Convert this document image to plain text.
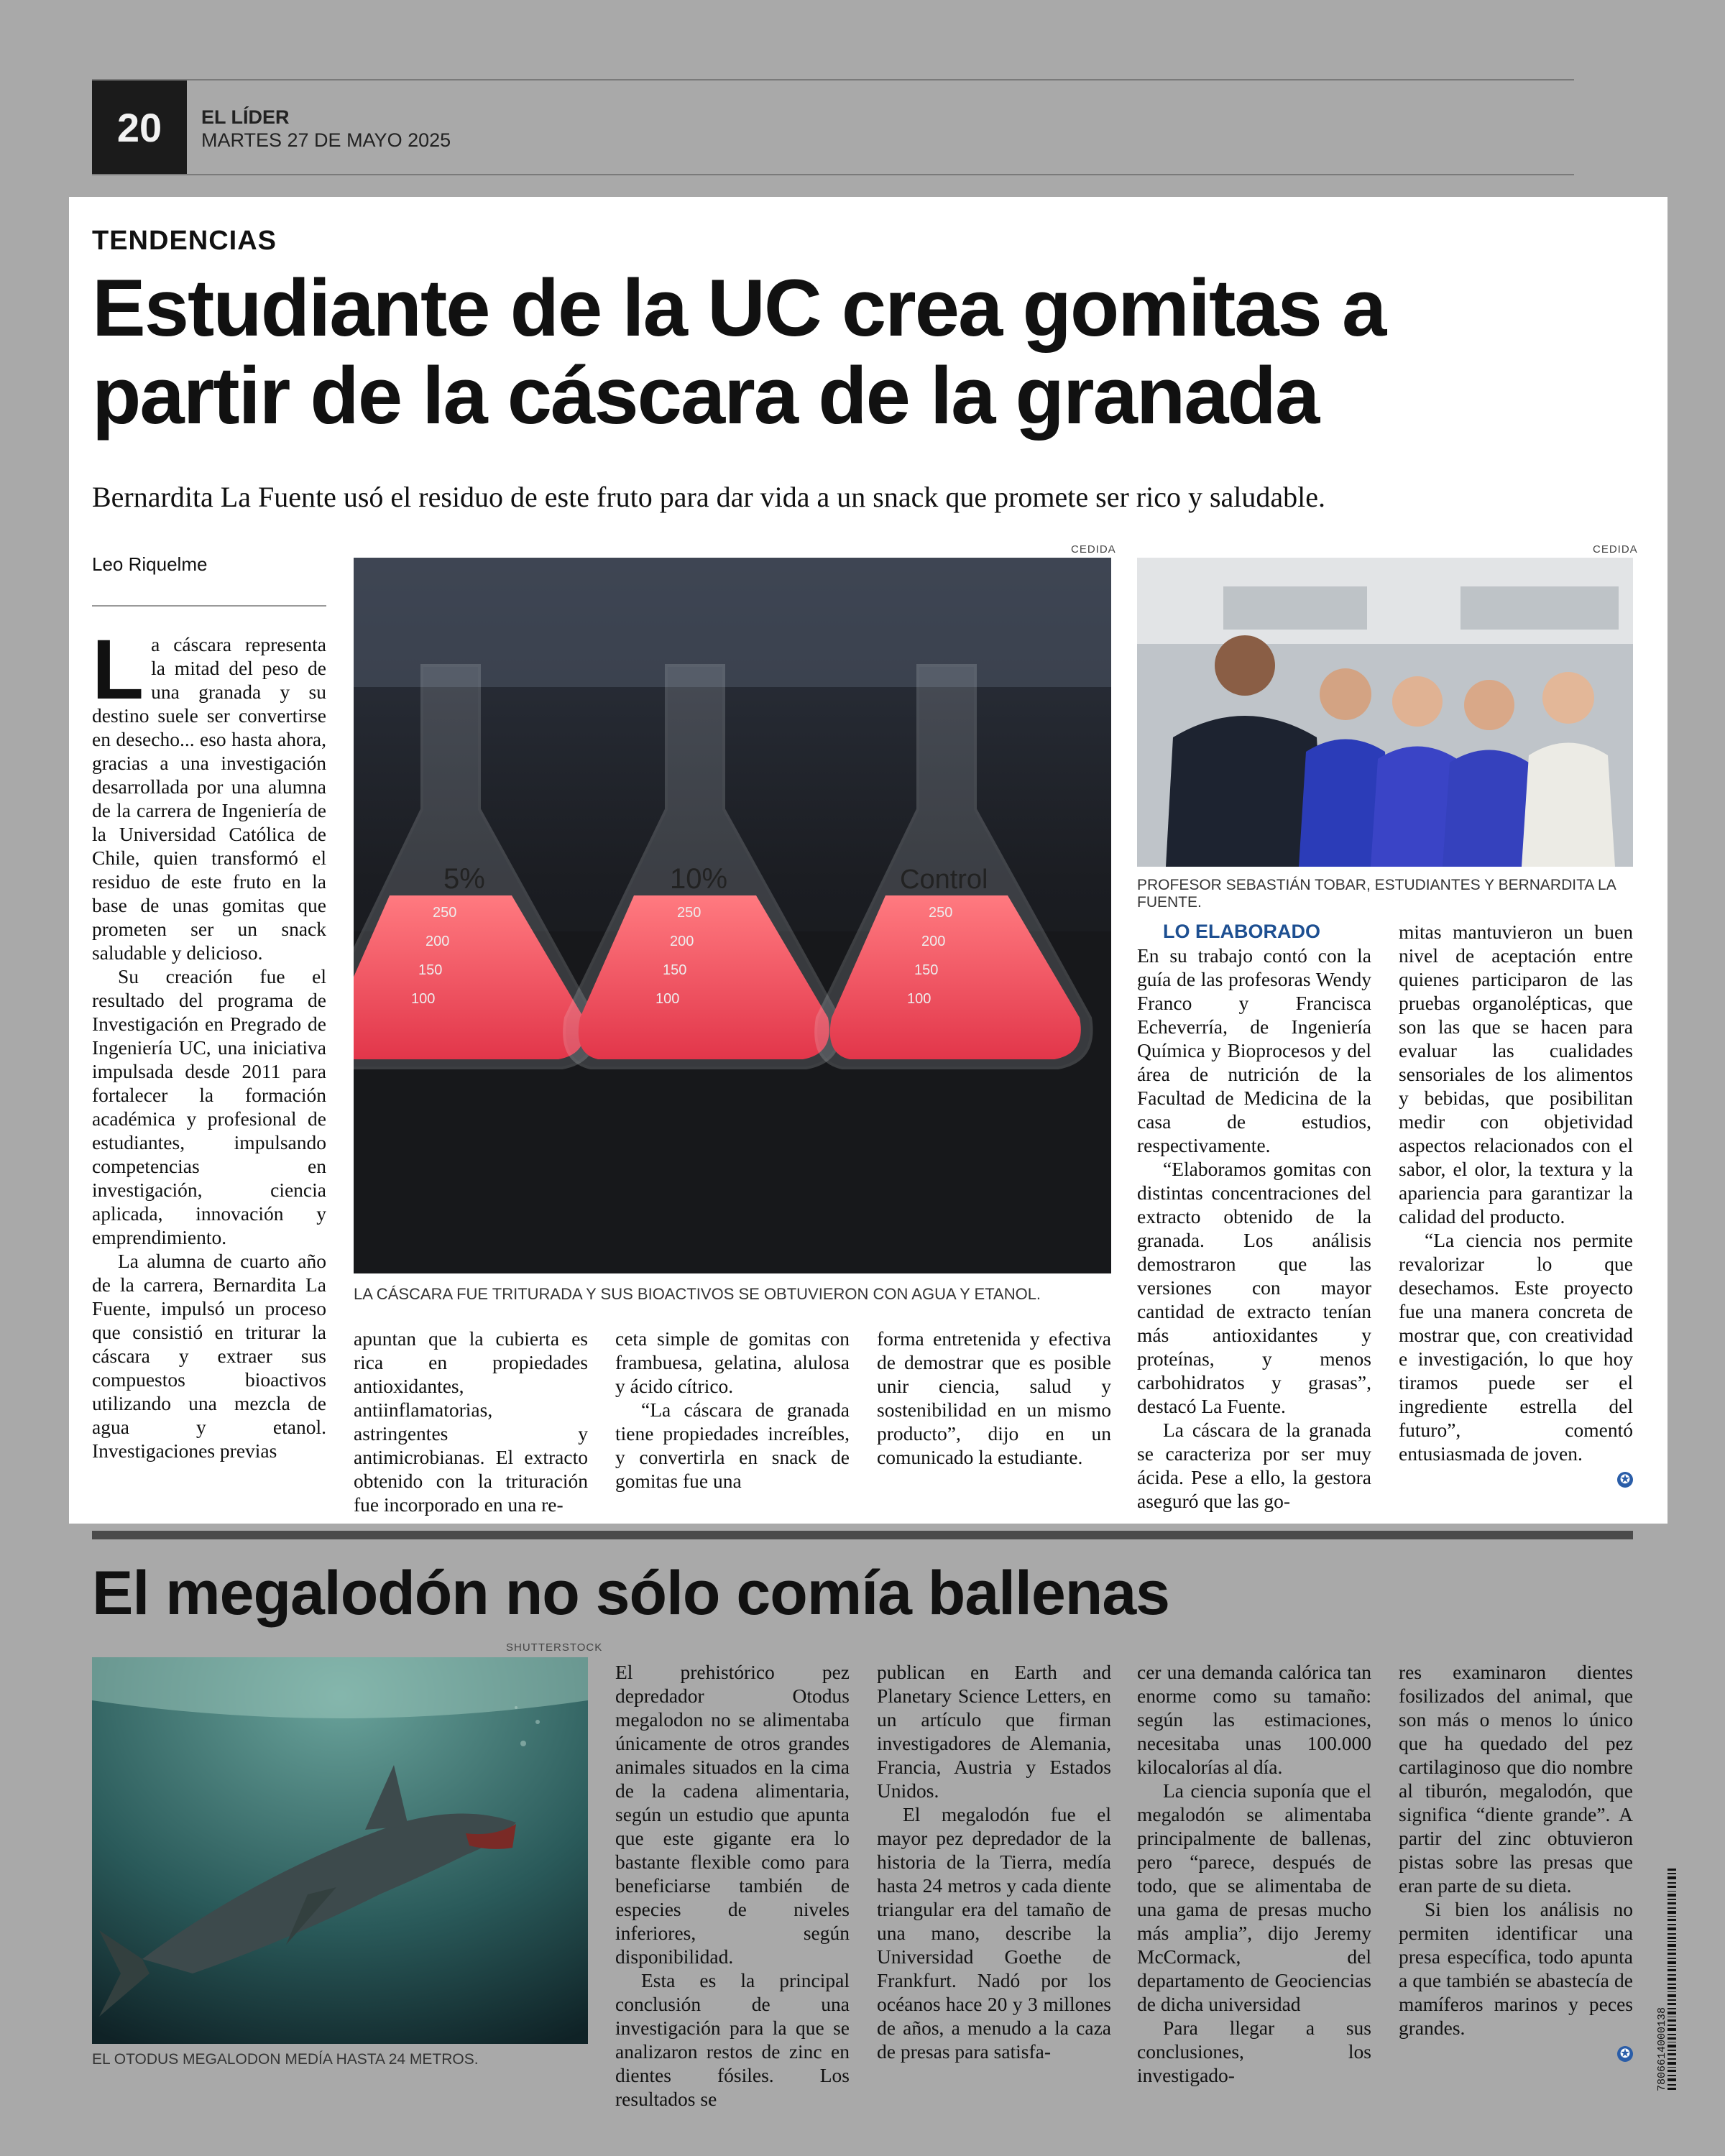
20	EL LÍDER
MARTES 27 DE MAYO 2025
TENDENCIAS
Estudiante de la UC crea gomitas a partir de la cáscara de la granada
Bernardita La Fuente usó el residuo de este fruto para dar vida a un snack que promete ser rico y saludable.
Leo Riquelme

La cáscara representa la mitad del peso de una granada y su destino suele ser convertirse en desecho... eso hasta ahora, gracias a una investigación desarrollada por una alumna de la carrera de Ingeniería de la Universidad Católica de Chile, quien transformó el residuo de este fruto en la base de unas gomitas que prometen ser un snack saludable y delicioso.

Su creación fue el resultado del programa de Investigación en Pregrado de Ingeniería UC, una iniciativa impulsada desde 2011 para fortalecer la formación académica y profesional de estudiantes, impulsando competencias en investigación, ciencia aplicada, innovación y emprendimiento.

La alumna de cuarto año de la carrera, Bernardita La Fuente, impulsó un proceso que consistió en triturar la cáscara y extraer sus compuestos bioactivos utilizando una mezcla de agua y etanol. Investigaciones previas

CEDIDA
5%
250
200
150
100
10%
250
200
150
100
Control
250
200
150
100
LA CÁSCARA FUE TRITURADA Y SUS BIOACTIVOS SE OBTUVIERON CON AGUA Y ETANOL.
CEDIDA
PROFESOR SEBASTIÁN TOBAR, ESTUDIANTES Y BERNARDITA LA FUENTE.

apuntan que la cubierta es rica en propiedades antioxidantes, antiinflamatorias, astringentes y antimicrobianas. El extracto obtenido con la trituración fue incorporado en una re-

ceta simple de gomitas con frambuesa, gelatina, alulosa y ácido cítrico.

“La cáscara de granada tiene propiedades increíbles, y convertirla en snack de gomitas fue una

forma entretenida y efectiva de demostrar que es posible unir ciencia, salud y sostenibilidad en un mismo producto”, dijo en un comunicado la estudiante.

LO ELABORADO

En su trabajo contó con la guía de las profesoras Wendy Franco y Francisca Echeverría, de Ingeniería Química y Bioprocesos y del área de nutrición de la Facultad de Medicina de la casa de estudios, respectivamente.

“Elaboramos gomitas con distintas concentraciones del extracto obtenido de la granada. Los análisis demostraron que las versiones con mayor cantidad de extracto tenían más antioxidantes y proteínas, y menos carbohidratos y grasas”, destacó La Fuente.

La cáscara de la granada se caracteriza por ser muy ácida. Pese a ello, la gestora aseguró que las go-

mitas mantuvieron un buen nivel de aceptación entre quienes participaron de las pruebas organolépticas, que son las que se hacen para evaluar las cualidades sensoriales de los alimentos y bebidas, que posibilitan medir con objetividad aspectos relacionados con el sabor, el olor, la textura y la apariencia para garantizar la calidad del producto.

“La ciencia nos permite revalorizar lo que desechamos. Este proyecto fue una manera concreta de mostrar que, con creatividad e investigación, lo que hoy tiramos puede ser el ingrediente estrella del futuro”, comentó entusiasmada de joven.

✪

El megalodón no sólo comía ballenas
SHUTTERSTOCK
EL OTODUS MEGALODON MEDÍA HASTA 24 METROS.

El prehistórico pez depredador Otodus megalodon no se alimentaba únicamente de otros grandes animales situados en la cima de la cadena alimentaria, según un estudio que apunta que este gigante era lo bastante flexible como para beneficiarse también de especies de niveles inferiores, según disponibilidad.

Esta es la principal conclusión de una investigación para la que se analizaron restos de zinc en dientes fósiles. Los resultados se

publican en Earth and Planetary Science Letters, en un artículo que firman investigadores de Alemania, Francia, Austria y Estados Unidos.

El megalodón fue el mayor pez depredador de la historia de la Tierra, medía hasta 24 metros y cada diente triangular era del tamaño de una mano, describe la Universidad Goethe de Frankfurt. Nadó por los océanos hace 20 y 3 millones de años, a menudo a la caza de presas para satisfa-

cer una demanda calórica tan enorme como su tamaño: según las estimaciones, necesitaba unas 100.000 kilocalorías al día.

La ciencia suponía que el megalodón se alimentaba principalmente de ballenas, pero “parece, después de todo, que se alimentaba de una gama de presas mucho más amplia”, dijo Jeremy McCormack, del departamento de Geociencias de dicha universidad

Para llegar a sus conclusiones, los investigado-

res examinaron dientes fosilizados del animal, que son más o menos lo único que ha quedado del pez cartilaginoso que dio nombre al tiburón, megalodón, que significa “diente grande”. A partir del zinc obtuvieron pistas sobre las presas que eran parte de su dieta.

Si bien los análisis no permiten identificar una presa específica, todo apunta a que también se abastecía de mamíferos marinos y peces grandes.

✪ 7806614000138
